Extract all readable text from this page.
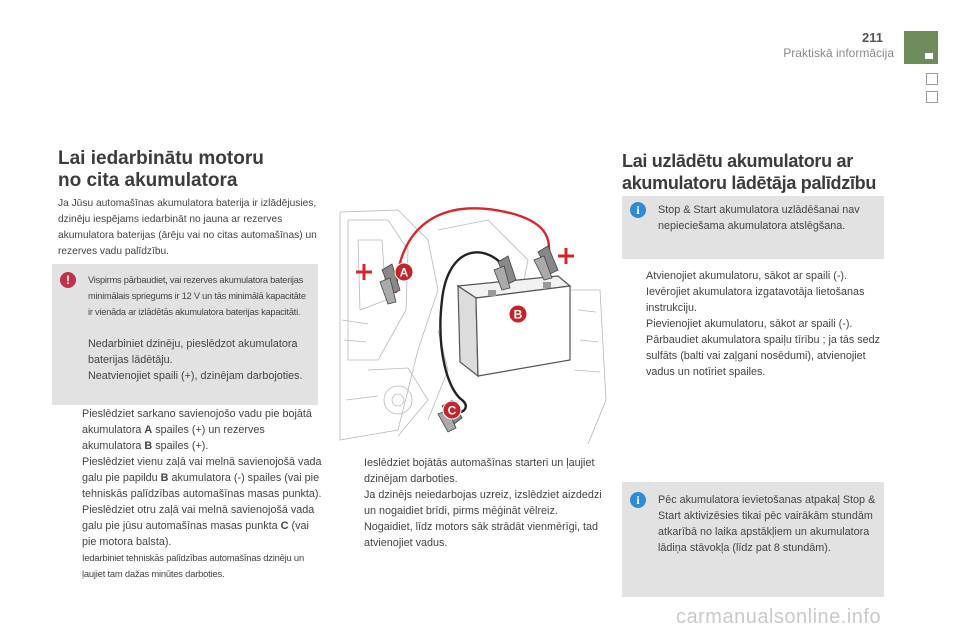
211
Praktiskā informācija
Lai iedarbinātu motoru
no cita akumulatora

Ja Jūsu automašīnas akumulatora baterija ir izlādējusies, dzinēju iespējams iedarbināt no jauna ar rezerves akumulatora baterijas (ārēju vai no citas automašīnas) un rezerves vadu palīdzību.

!	Vispirms pārbaudiet, vai rezerves akumulatora baterijas minimālais spriegums ir 12 V un tās minimālā kapacitāte ir vienāda ar izlādētās akumulatora baterijas kapacitāti.

Nedarbiniet dzinēju, pieslēdzot akumulatora baterijas lādētāju.

Neatvienojiet spaili (+), dzinējam darbojoties.

Pieslēdziet sarkano savienojošo vadu pie bojātā akumulatora A spailes (+) un rezerves akumulatora B spailes (+).
Pieslēdziet vienu zaļā vai melnā savienojošā vada galu pie papildu B akumulatora (-) spailes (vai pie tehniskās palīdzības automašīnas masas punkta).
Pieslēdziet otru zaļā vai melnā savienojošā vada galu pie jūsu automašīnas masas punkta C (vai pie motora balsta).
Iedarbiniet tehniskās palīdzības automašīnas dzinēju un ļaujiet tam dažas minūtes darboties.
A
B
C
Ieslēdziet bojātās automašīnas starteri un ļaujiet dzinējam darboties.
Ja dzinējs neiedarbojas uzreiz, izslēdziet aizdedzi un nogaidiet brīdi, pirms mēģināt vēlreiz.
Nogaidiet, līdz motors sāk strādāt vienmērīgi, tad atvienojiet vadus.
Lai uzlādētu akumulatoru ar
akumulatoru lādētāja palīdzību
i	Stop & Start akumulatora uzlādēšanai nav nepieciešama akumulatora atslēgšana.

Atvienojiet akumulatoru, sākot ar spaili (-).
Ievērojiet akumulatora izgatavotāja lietošanas instrukciju.
Pievienojiet akumulatoru, sākot ar spaili (-).
Pārbaudiet akumulatora spaiļu tīrību ; ja tās sedz sulfāts (balti vai zaļgani nosēdumi), atvienojiet vadus un notīriet spailes.
i	Pēc akumulatora ievietošanas atpakaļ Stop & Start aktivizēsies tikai pēc vairākām stundām atkarībā no laika apstākļiem un akumulatora lādiņa stāvokļa (līdz pat 8 stundām).

carmanualsonline.info
